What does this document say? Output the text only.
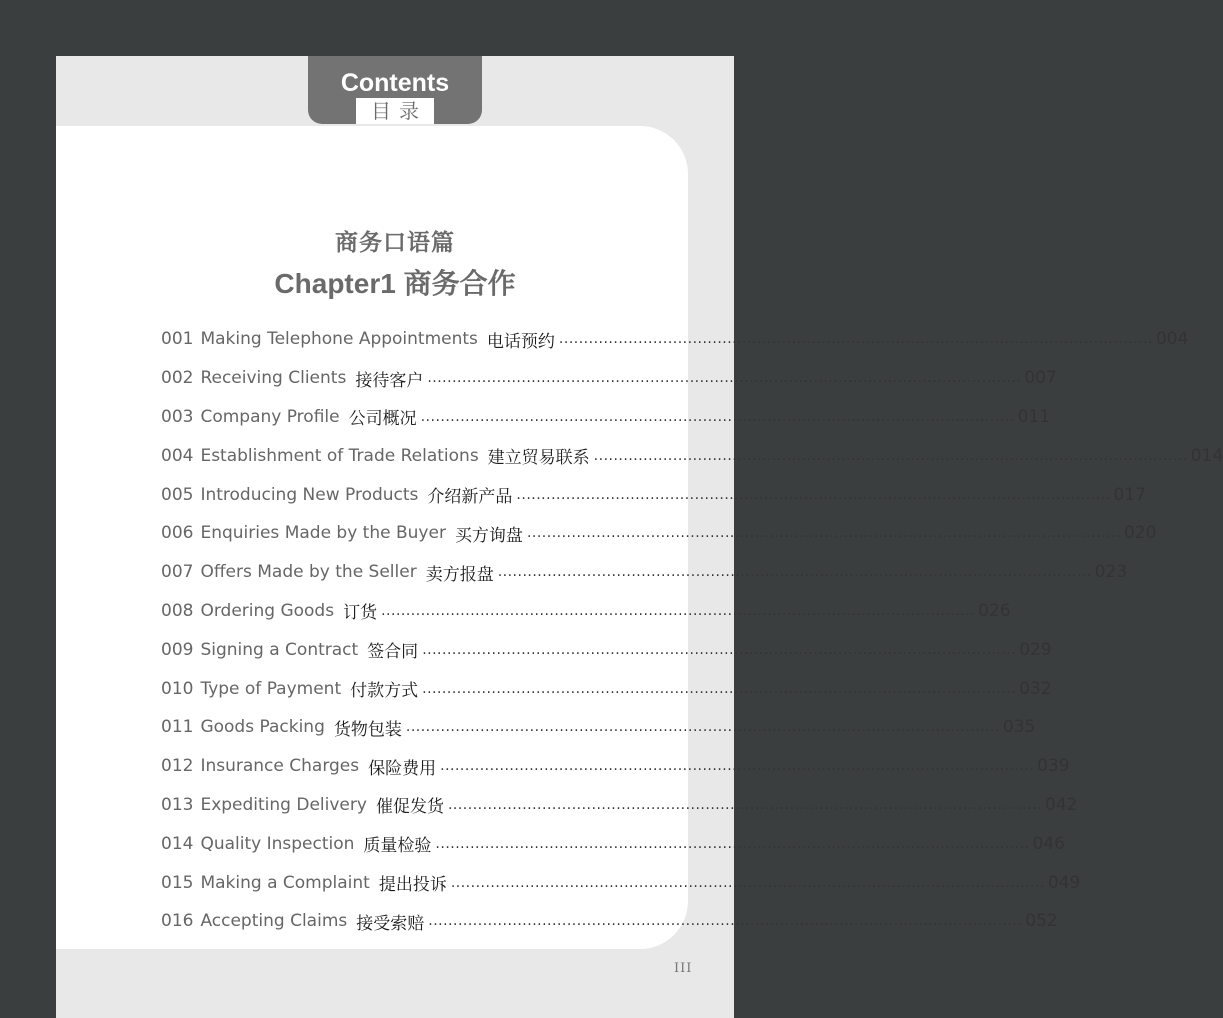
Contents
目录
商务口语篇
Chapter1 商务合作
001 Making Telephone Appointments 电话预约 ........................................................................................................................ 004
002 Receiving Clients 接待客户 ........................................................................................................................ 007
003 Company Profile 公司概况 ........................................................................................................................ 011
004 Establishment of Trade Relations 建立贸易联系 ........................................................................................................................ 014
005 Introducing New Products 介绍新产品 ........................................................................................................................ 017
006 Enquiries Made by the Buyer 买方询盘 ........................................................................................................................ 020
007 Offers Made by the Seller 卖方报盘 ........................................................................................................................ 023
008 Ordering Goods 订货 ........................................................................................................................ 026
009 Signing a Contract 签合同 ........................................................................................................................ 029
010 Type of Payment 付款方式 ........................................................................................................................ 032
011 Goods Packing 货物包装 ........................................................................................................................ 035
012 Insurance Charges 保险费用 ........................................................................................................................ 039
013 Expediting Delivery 催促发货 ........................................................................................................................ 042
014 Quality Inspection 质量检验 ........................................................................................................................ 046
015 Making a Complaint 提出投诉 ........................................................................................................................ 049
016 Accepting Claims 接受索赔 ........................................................................................................................ 052
III
